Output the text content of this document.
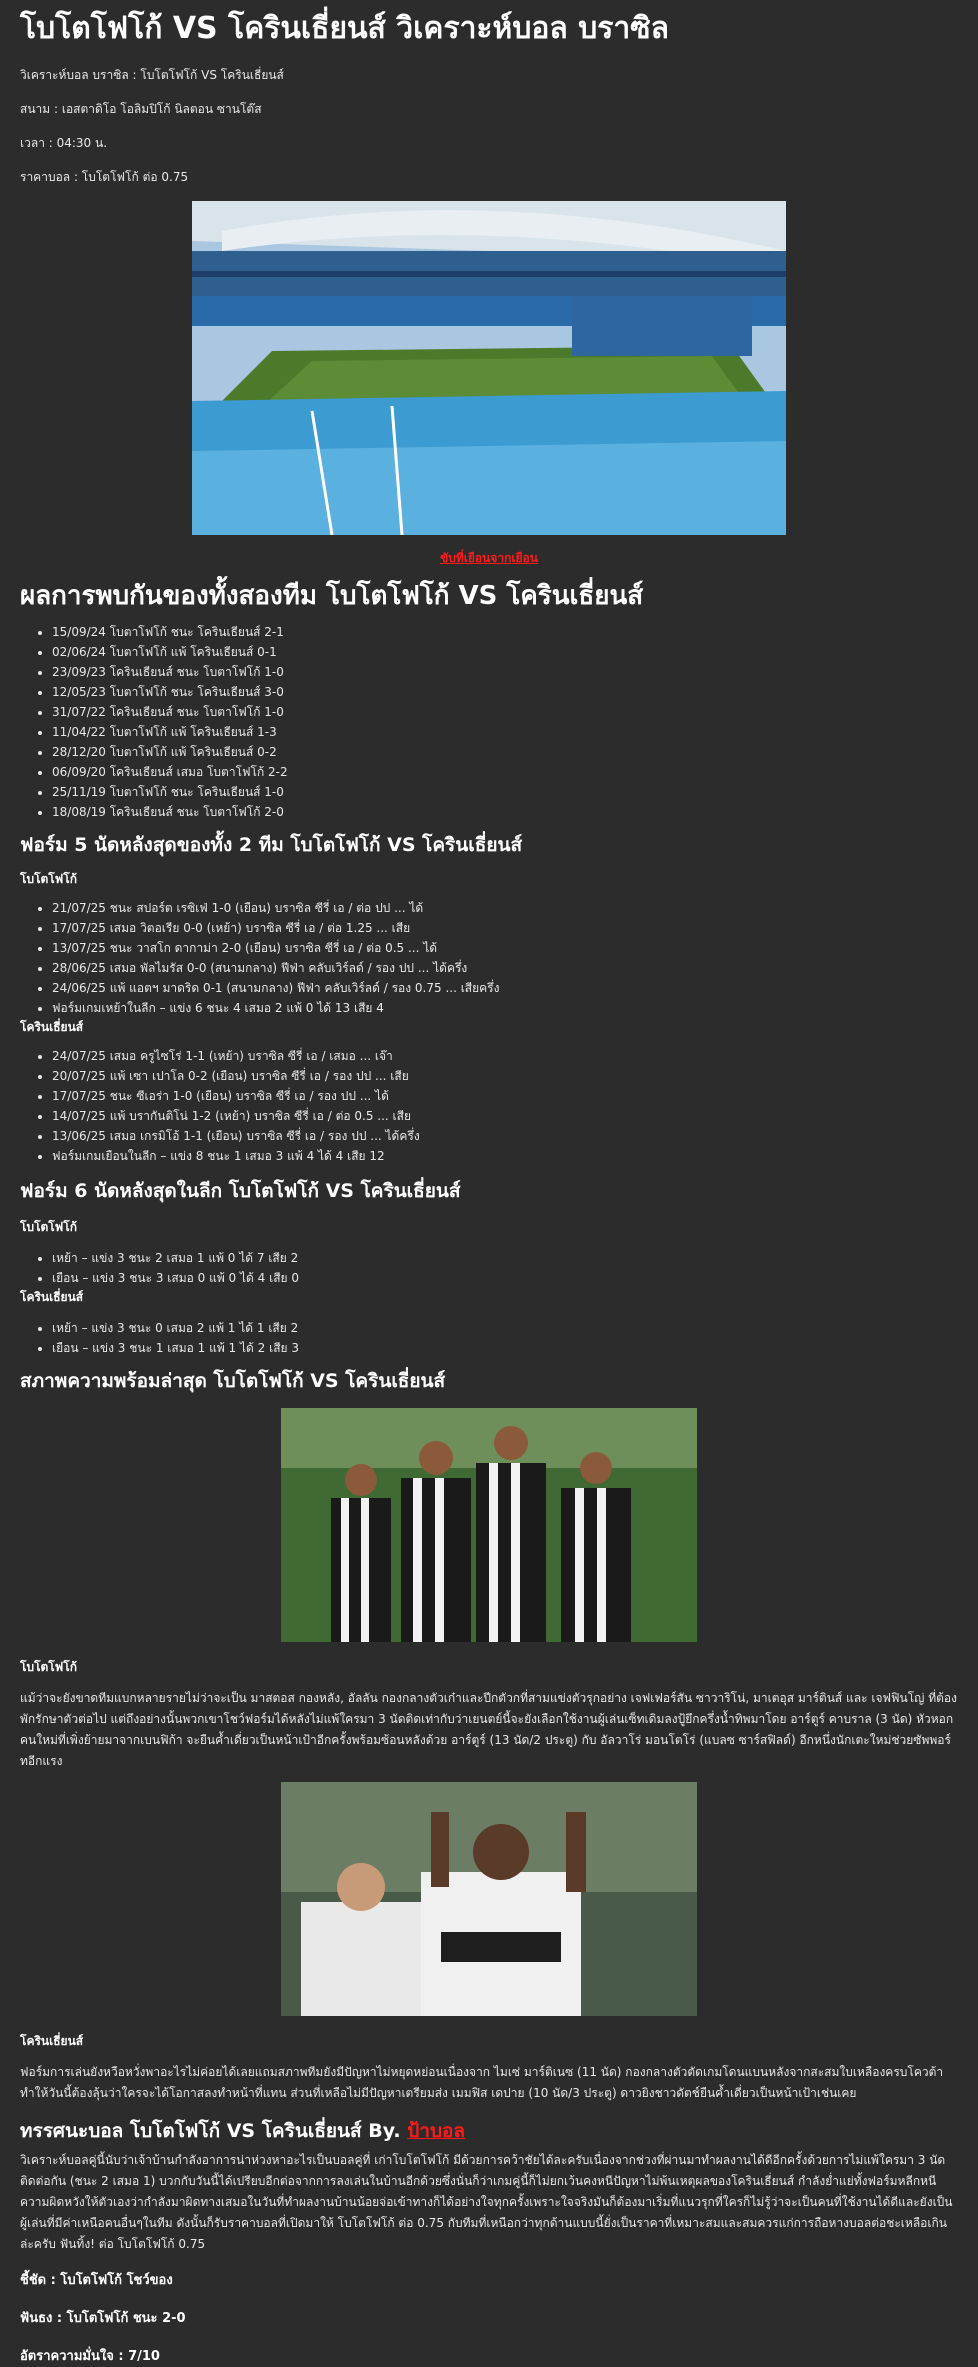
โบโตโฟโก้ VS โครินเธี่ยนส์ วิเคราะห์บอล บราซิล

วิเคราะห์บอล บราซิล : โบโตโฟโก้ VS โครินเธี่ยนส์

สนาม : เอสตาดิโอ โอลิมปิโก้ นิลตอน ซานโต๊ส

เวลา : 04:30 น.

ราคาบอล : โบโตโฟโก้ ต่อ 0.75

ขับที่เยือนจากเยือน

ผลการพบกันของทั้งสองทีม โบโตโฟโก้ VS โครินเธี่ยนส์
• 15/09/24 โบตาโฟโก้ ชนะ โครินเธียนส์ 2-1
• 02/06/24 โบตาโฟโก้ แพ้ โครินเธียนส์ 0-1
• 23/09/23 โครินเธียนส์ ชนะ โบตาโฟโก้ 1-0
• 12/05/23 โบตาโฟโก้ ชนะ โครินเธียนส์ 3-0
• 31/07/22 โครินเธียนส์ ชนะ โบตาโฟโก้ 1-0
• 11/04/22 โบตาโฟโก้ แพ้ โครินเธียนส์ 1-3
• 28/12/20 โบตาโฟโก้ แพ้ โครินเธียนส์ 0-2
• 06/09/20 โครินเธียนส์ เสมอ โบตาโฟโก้ 2-2
• 25/11/19 โบตาโฟโก้ ชนะ โครินเธียนส์ 1-0
• 18/08/19 โครินเธียนส์ ชนะ โบตาโฟโก้ 2-0
ฟอร์ม 5 นัดหลังสุดของทั้ง 2 ทีม โบโตโฟโก้ VS โครินเธี่ยนส์

โบโตโฟโก้

• 21/07/25 ชนะ สปอร์ต เรซิเฟ่ 1-0 (เยือน) บราซิล ซีรี่ เอ / ต่อ ปป ... ได้
• 17/07/25 เสมอ วิตอเรีย 0-0 (เหย้า) บราซิล ซีรี่ เอ / ต่อ 1.25 ... เสีย
• 13/07/25 ชนะ วาสโก ดากาม่า 2-0 (เยือน) บราซิล ซีรี่ เอ / ต่อ 0.5 ... ได้
• 28/06/25 เสมอ พัลไมรัส 0-0 (สนามกลาง) ฟีฟ่า คลับเวิร์ลด์ / รอง ปป ... ได้ครึ่ง
• 24/06/25 แพ้ แอตฯ มาดริด 0-1 (สนามกลาง) ฟีฟ่า คลับเวิร์ลด์ / รอง 0.75 ... เสียครึ่ง
• ฟอร์มเกมเหย้าในลีก – แข่ง 6 ชนะ 4 เสมอ 2 แพ้ 0 ได้ 13 เสีย 4

โครินเธี่ยนส์

• 24/07/25 เสมอ ครูไซโร่ 1-1 (เหย้า) บราซิล ซีรี่ เอ / เสมอ ... เจ๊า
• 20/07/25 แพ้ เซา เปาโล 0-2 (เยือน) บราซิล ซีรี่ เอ / รอง ปป ... เสีย
• 17/07/25 ชนะ ซีเอร่า 1-0 (เยือน) บราซิล ซีรี่ เอ / รอง ปป ... ได้
• 14/07/25 แพ้ บรากันติโน่ 1-2 (เหย้า) บราซิล ซีรี่ เอ / ต่อ 0.5 ... เสีย
• 13/06/25 เสมอ เกรมิโอ้ 1-1 (เยือน) บราซิล ซีรี่ เอ / รอง ปป ... ได้ครึ่ง
• ฟอร์มเกมเยือนในลีก – แข่ง 8 ชนะ 1 เสมอ 3 แพ้ 4 ได้ 4 เสีย 12
ฟอร์ม 6 นัดหลังสุดในลีก โบโตโฟโก้ VS โครินเธี่ยนส์

โบโตโฟโก้

• เหย้า – แข่ง 3 ชนะ 2 เสมอ 1 แพ้ 0 ได้ 7 เสีย 2
• เยือน – แข่ง 3 ชนะ 3 เสมอ 0 แพ้ 0 ได้ 4 เสีย 0

โครินเธี่ยนส์

• เหย้า – แข่ง 3 ชนะ 0 เสมอ 2 แพ้ 1 ได้ 1 เสีย 2
• เยือน – แข่ง 3 ชนะ 1 เสมอ 1 แพ้ 1 ได้ 2 เสีย 3
สภาพความพร้อมล่าสุด โบโตโฟโก้ VS โครินเธี่ยนส์

โบโตโฟโก้

แม้ว่าจะยังขาดทีมแบกหลายรายไม่ว่าจะเป็น มาสตอส กองหลัง, อัลลัน กองกลางตัวเก๋าและปีกตัวกที่สามแข่งตัวรุกอย่าง เจฟเฟอร์สัน ซาวาริโน่, มาเตอุส มาร์ตินส์ และ เจฟฟินโญ่ ที่ต้องพักรักษาตัวต่อไป แต่ถึงอย่างนั้นพวกเขาโชว์ฟอร์มได้หลังไม่แพ้ใครมา 3 นัดติดเท่ากับว่าเยนตย์นี้จะยังเลือกใช้งานผู้เล่นเซ็ทเดิมลงปู้ยึกครึ่งน้ำทิพมาโดย อาร์ตูร์ คาบราล (3 นัด) หัวหอกคนใหม่ที่เพิ่งย้ายมาจากเบนฟิก้า จะยืนค้ำเดี่ยวเป็นหน้าเป้าอีกครั้งพร้อมซ้อนหลังด้วย อาร์ตูร์ (13 นัด/2 ประตู) กับ อัลวาโร่ มอนโตโร่ (แบลซ ซาร์สฟิลด์) อีกหนึ่งนักเตะใหม่ช่วยซัพพอร์ทอีกแรง

โครินเธี่ยนส์

ฟอร์มการเล่นยังหวือหวั่งพาอะไรไม่ค่อยได้เลยแถมสภาพทีมยังมีปัญหาไม่หยุดหย่อนเนื่องจาก ไมเซ่ มาร์ติเนซ (11 นัด) กองกลางตัวตัดเกมโดนแบนหลังจากสะสมใบเหลืองครบโควต้าทำให้วันนี้ต้องลุ้นว่าใครจะได้โอกาสลงทำหน้าที่แทน ส่วนที่เหลือไม่มีปัญหาเตรียมส่ง เมมฟิส เดปาย (10 นัด/3 ประตู) ดาวยิงชาวดัตช์ยืนค้ำเดี่ยวเป็นหน้าเป้าเช่นเคย

ทรรศนะบอล โบโตโฟโก้ VS โครินเธี่ยนส์ By. ป้าบอล

วิเคราะห์บอลคู่นี้นับว่าเจ้าบ้านกำลังอาการน่าห่วงหาอะไรเป็นบอลคู่ที่ เก่าโบโตโฟโก้ มีด้วยการคว้าชัยได้ละครับเนื่องจากช่วงที่ผ่านมาทำผลงานได้ดีอีกครั้งด้วยการไม่แพ้ใครมา 3 นัดติดต่อกัน (ชนะ 2 เสมอ 1) บวกกับวันนี้ได้เปรียบอีกต่อจากการลงเล่นในบ้านอีกด้วยซึ่งนั่นก็ว่าเกมคู่นี้ก็ไม่ยกเว้นคงหนีปัญหาไม่พ้นเหตุผลของโครินเธี่ยนส์ กำลังย่ำแย่ทั้งฟอร์มหลีกหนีความผิดหวังให้ตัวเองว่ากำลังมาผิดทางเสมอในวันที่ทำผลงานบ้านน้อยจ่อเข้าทางก็ได้อย่างใจทุกครั้งเพราะใจจริงมันก็ต้องมาเริ่มที่แนวรุกที่ใครก็ไม่รู้ว่าจะเป็นคนที่ใช้งานได้ดีและยังเป็นผู้เล่นที่มีค่าเหนือคนอื่นๆในทีม ดังนั้นก็รับราคาบอลที่เปิดมาให้ โบโตโฟโก้ ต่อ 0.75 กับทีมที่เหนือกว่าทุกด้านแบบนี้ยั่งเป็นราคาที่เหมาะสมและสมควรแก่การถือหางบอลต่อชะเหลือเกินล่ะครับ ฟันทิ้ง! ต่อ โบโตโฟโก้ 0.75

ชี้ชัด : โบโตโฟโก้ โชว์ของ

ฟันธง : โบโตโฟโก้ ชนะ 2-0

อัตราความมั่นใจ : 7/10
